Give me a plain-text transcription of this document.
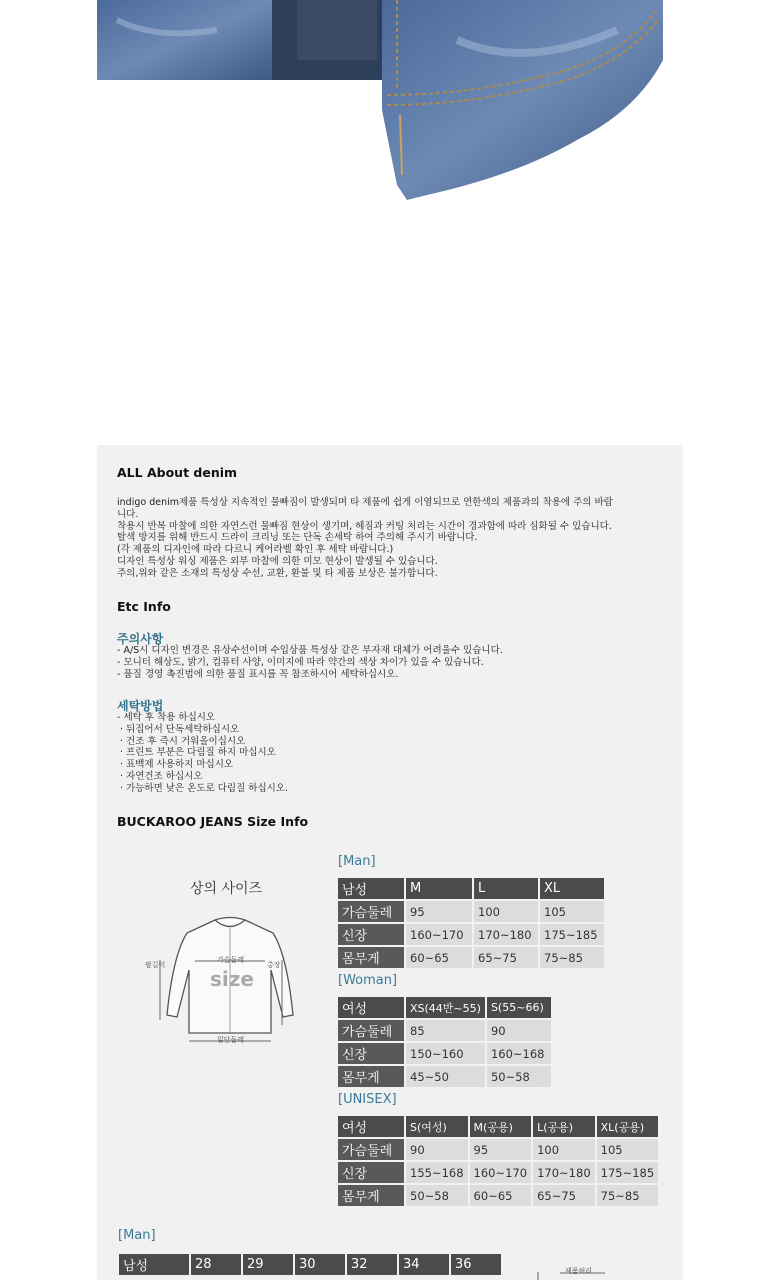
ALL About denim
indigo denim제품 특성상 지속적인 물빠짐이 발생되며 타 제품에 쉽게 이염되므로 연한색의 제품과의 착용에 주의 바랍
니다.
착용시 반복 마찰에 의한 자연스런 물빠짐 현상이 생기며, 헤짐과 커팅 처리는 시간이 경과함에 따라 심화될 수 있습니다.
탈색 방지를 위해 반드시 드라이 크리닝 또는 단독 손세탁 하여 주의해 주시기 바랍니다.
(각 제품의 디자인에 따라 다르니 케어라벨 확인 후 세탁 바랍니다.)
디자인 특성상 워싱 제품은 외부 마찰에 의한 미모 현상이 발생될 수 있습니다.
주의,위와 같은 소재의 특성상 수선, 교환, 환불 및 타 제품 보상은 불가합니다.
Etc Info
주의사항
- A/S시 디자인 변경은 유상수선이며 수입상품 특성상 같은 부자재 대체가 어려울수 있습니다.
- 모니터 해상도, 밝기, 컴퓨터 사양, 이미지에 따라 약간의 색상 차이가 있을 수 있습니다.
- 품질 경영 촉진법에 의한 품질 표시를 꼭 참조하시어 세탁하십시오.
세탁방법
- 세탁 후 착용 하십시오
· 뒤집어서 단독세탁하십시오
· 건조 후 즉시 거워올이십시오
· 프린트 부분은 다림질 하지 마십시오
· 표백제 사용하지 마십시오
· 자연건조 하십시오
· 가능하면 낮은 온도로 다림질 하십시오.
BUCKAROO JEANS Size Info
상의 사이즈
가슴둘레
팔길이	총장
size
밑단둘레
[Man]
남성	M	L	XL
가슴둘레	95	100	105
신장	160~170	170~180	175~185
몸무게	60~65	65~75	75~85
[Woman]
여성	XS(44반~55)	S(55~66)
가슴둘레	85	90
신장	150~160	160~168
몸무게	45~50	50~58
[UNISEX]
여성	S(여성)	M(공용)	L(공용)	XL(공용)
가슴둘레	90	95	100	105
신장	155~168	160~170	170~180	175~185
몸무게	50~58	60~65	65~75	75~85
[Man]
남성	28	29	30	32	34	36	제품허리
